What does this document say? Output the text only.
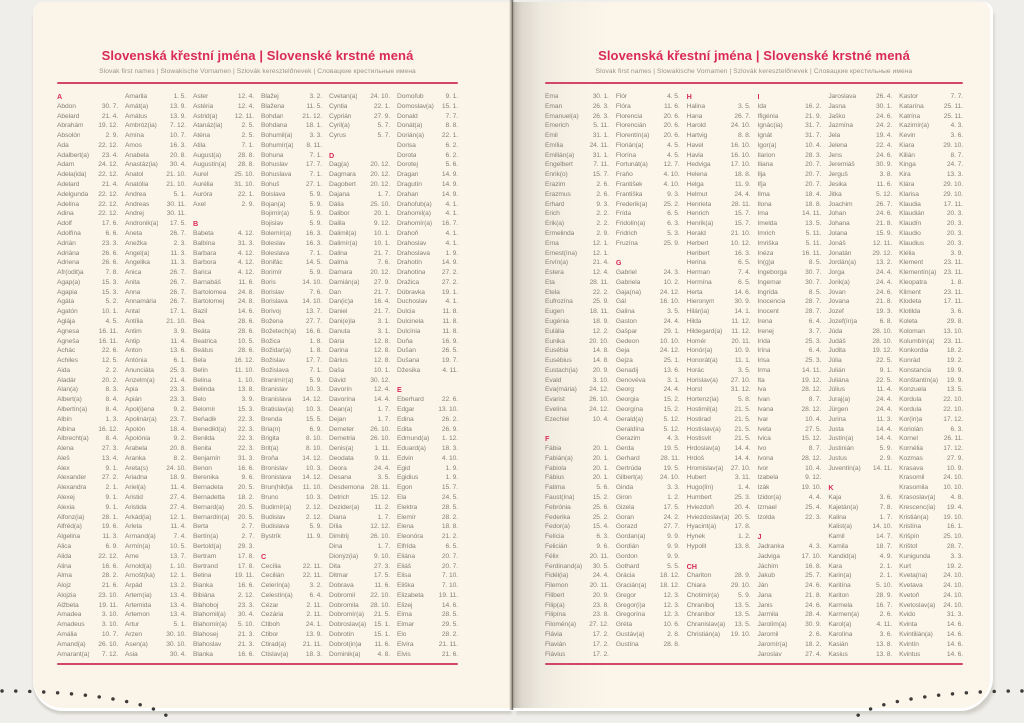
Slovenská křestní jména | Slovenské krstné mená
Slovak first names | Slowakische Vornamen | Szlovák keresztelőnevek | Словацкие крестильные имена
A
Abdon	30. 7.
Abelard	21. 4.
Abrahám 19. 12.
Absolón	2. 9.
Ada	22. 12.
Adalbert(a) 23. 4.
Adam	24. 12.
Adela(ida) 22. 12.
Adelard	21. 4.
Adelgunda 22. 12.
Adelína	22. 12.
Adina	22. 12.
Adolf	17. 6.
Adolfína	6. 6.
Adrián	23. 3.
Adriána	26. 6.
Adriena	26. 6.
Afr(odit)a	7. 8.
Agap(a)	15. 3.
Agapia	15. 3.
Agáta	5. 2.
Agatón	10. 1.
Aglája	4. 5.
Agnesa	16. 11.
Agneša	16. 11.
Achác	22. 6.
Achiles	12. 5.
Aida	2. 2.
Aladár	20. 2.
Alan(a)	8. 3.
Albert(a)	8. 4.
Albertín(a)	8. 4.
Albín	1. 3.
Albína	16. 12.
Albrecht(a)	8. 4.
Alena	27. 3.
Aleš	13. 4.
Alex	9. 1.
Alexander 27. 2.
Alexandra	2. 1.
Alexej	9. 1.
Alexia	9. 1.
Alfonz(ia)	28. 1.
Alfréd(a)	19. 6.
Algelina	11. 3.
Alica	6. 9.
Alida	22. 12.
Alina	16. 6.
Alma	28. 2.
Alojz	21. 6.
Alojzia	23. 10.
Alžbeta	19. 11.
Amadea	3. 10.
Amadeus	3. 10.
Amália	10. 7.
Amand(a) 26. 10.
Amarant(a) 7. 12.
Amarila	1. 5.
Amát(a)	13. 9.
Amátus	13. 9.
Ambróz(ia) 7. 12.
Amína	10. 7.
Amos	16. 3.
Anabela	20. 8.
Anastáz(ia) 30. 4.
Anatol	21. 10.
Anatólia	21. 10.
Andrea	5. 1.
Andreas	30. 11.
Andrej	30. 11.
Andronik(a) 17. 5.
Aneta	26. 7.
Anežka	2. 3.
Angel(a)	11. 3.
Angelika	11. 3.
Anica	26. 7.
Anita	26. 7.
Anna	26. 7.
Annamária 26. 7.
Antal	17. 1.
Antília	21. 10.
Antim	3. 9.
Antip	11. 4.
Anton	13. 6.
Antónia	6. 1.
Anunciáta 25. 3.
Anzelm(a) 21. 4.
Apia	23. 3.
Apián	23. 3.
Apol(i)ena	9. 2.
Apolinár(a) 23. 7.
Apolón	18. 4.
Apolónia	9. 2.
Arabela	20. 8.
Aranka	8. 2.
Areta(s)	24. 10.
Ariadna	18. 9.
Ariel(a)	11. 4.
Aristid	27. 4.
Aristida	27. 4.
Arkád(ia)	12. 1.
Arleta	11. 4.
Armand(a)	7. 4.
Armín(a)	10. 5.
Arne	13. 7.
Arnold(a)	1. 10.
Arnošt(ka) 12. 1.
Arpád	13. 2.
Artem(ia)	13. 4.
Artemida	13. 4.
Artemon	13. 4.
Artur	5. 1.
Arzen	30. 10.
Asen(a)	30. 10.
Asia	30. 4.
Aster	12. 4.
Astéria	12. 4.
Astrid(a)	12. 11.
Atanáz(ia)	2. 5.
Aténa	2. 5.
Atila	7. 1.
August(a)	28. 8.
Augustín(a) 28. 8.
Aurel	25. 10.
Aurélia	31. 10.
Auróra	22. 1.
Axel	2. 9.
B
Babeta	4. 12.
Balbína	31. 3.
Barbara	4. 12.
Barbora	4. 12.
Barica	4. 12.
Barnabáš	11. 6.
Bartolomea 24. 8.
Bartolomej 24. 8.
Bazil	14. 6.
Bea	28. 6.
Beáta	28. 6.
Beatrica	10. 5.
Beátus	28. 6.
Bela	16. 12.
Belín	11. 10.
Belina	1. 10.
Belinda	13. 8.
Belo	3. 9.
Belomír	15. 3.
Beňadik	22. 3.
Benedikt(a) 22. 3.
Benilda	22. 3.
Benita	22. 3.
Benjamín	31. 3.
Benon	16. 6.
Berenika	9. 6.
Bernadeta 20. 5.
Bernadetta 18. 2.
Bernard(a) 20. 5.
Bernardín(a) 20. 5.
Berta	2. 7.
Bertín(a)	2. 7.
Bertold(a) 29. 3.
Bertram	17. 8.
Bertrand	17. 8.
Betina	19. 11.
Bianka	16. 6.
Bibiána	2. 12.
Blahoboj	23. 3.
Blahomil(a) 30. 4.
Blahomír(a) 5. 10.
Blahosej	21. 3.
Blahoslav	21. 3.
Blanka	16. 6.
Blažej	3. 2.
Blažena	11. 5.
Bohdan	21. 12.
Bohdana	18. 1.
Bohumil(a)	3. 3.
Bohumír(a) 8. 11.
Bohuna	7. 1.
Bohuslav	17. 7.
Bohuslava	7. 1.
Bohuš	27. 1.
Boislava	5. 9.
Bojan(a)	5. 9.
Bojimír(a)	5. 9.
Bojislav	5. 9.
Bolemír(a) 16. 3.
Boleslav	16. 3.
Boleslava	7. 1.
Bonifác	14. 5.
Borimír	5. 9.
Boris	14. 10.
Borislav	7. 6.
Borislava 14. 10.
Borivoj	13. 7.
Božena	27. 7.
Božetech(a) 16. 6.
Božica	1. 8.
Božidar(a)	1. 8.
Božislav	17. 7.
Božislava	7. 1.
Branimír(a) 5. 9.
Branislav	10. 3.
Branislava 14. 12.
Bratislav(a) 10. 3.
Brenda	15. 5.
Bria(n)	6. 9.
Brigita	8. 10.
Brit(a)	8. 10.
Broňa	14. 12.
Bronislav	10. 3.
Bronislava 14. 12.
Brun(hild)a 11. 10.
Bruno	10. 3.
Budimír(a) 2. 12.
Budislav	2. 12.
Budislava	5. 9.
Bystrík	11. 9.
C
Cecília	22. 11.
Cecilián	22. 11.
Celerín(a)	3. 2.
Celestín(a)	6. 4.
Cézar	2. 11.
Cezária	2. 11.
Ctiboh	24. 1.
Ctibor	13. 9.
Ctirad(a) 21. 11.
Ctislav(a)	18. 3.
Cvetan(a) 24. 10.
Cyntia	22. 1.
Cyprián	27. 9.
Cyril(a)	5. 7.
Cyrus	5. 7.
D
Dag(a)	20. 12.
Dagmara 20. 12.
Dagobert 20. 12.
Dajana	1. 7.
Dália	25. 10.
Dalibor	20. 1.
Dalila	9. 12.
Dalimil(a)	10. 1.
Dalimír(a) 10. 1.
Dalina	21. 7.
Dalma	7. 6.
Damara	20. 12.
Damián(a) 27. 9.
Dan	21. 7.
Dan(ic)a	16. 4.
Daniel	21. 7.
Dani(e)la	3. 1.
Danuta	3. 1.
Dária	12. 8.
Darina	12. 8.
Dárius	12. 8.
Daša	10. 1.
Dávid	30. 12.
Davorín	12. 4.
Davorína	14. 4.
Dean(a)	1. 7.
Dejan	1. 7.
Demeter 26. 10.
Demetria 26. 10.
Denis(a)	1. 11.
Deodata	9. 11.
Deora	24. 4.
Desana	3. 5.
Desdemona 28. 11.
Detrich	15. 12.
Dezider(a) 11. 2.
Diana	1. 7.
Dília	12. 12.
Dimitrij	26. 10.
Dina	1. 7.
Dionýz(ia) 9. 10.
Dita	27. 3.
Ditmar	17. 5.
Dobrava	11. 6.
Dobromil 22. 10.
Dobromila 28. 10.
Dobromír(a) 21. 5.
Dobroslav(a) 15. 1.
Dobrotín	15. 1.
Dobrot(in)a 11. 6.
Dominik(a)	4. 8.
Domoľub	9. 1.
Domoslav(a) 15. 1.
Donald	7. 7.
Donát(a)	8. 8.
Dorián(a)	22. 1.
Dorisa	6. 2.
Dorota	6. 2.
Dorotej	5. 6.
Dragan	14. 9.
Dragutín	14. 9.
Drahan	14. 9.
Drahoľub(a) 4. 1.
Drahomil(a) 4. 1.
Drahomír(a) 16. 7.
Drahoň	4. 1.
Drahoslav	4. 1.
Drahoslava 1. 9.
Drahotín	14. 9.
Drahotína 27. 2.
Dražica	27. 2.
Dúbravka	19. 1.
Duchoslav	4. 1.
Dulcia	11. 8.
Dulcinela	11. 8.
Dulcínia	11. 8.
Duňa	16. 9.
Dušan	26. 5.
Dušana	19. 7.
Džesika	4. 11.
E
Eberhard	22. 6.
Edgar	13. 10.
Edina	26. 2.
Edita	26. 9.
Edmund(a) 1. 12.
Eduard(a) 18. 3.
Edvin	4. 10.
Egid	1. 9.
Egidius	1. 9.
Egon	15. 7.
Ela	24. 5.
Elektra	28. 5.
Elemír	28. 2.
Elena	18. 8.
Eleonóra	21. 2.
Elfrída	6. 5.
Eliána	20. 7.
Eliáš	20. 7.
Elisa	7. 10.
Eliška	7. 10.
Elizabeta 19. 11.
Elizej	14. 6.
Elma	28. 5.
Elmar	29. 5.
Elo	28. 2.
Elvíra	21. 11.
Elvis	21. 6.
Slovenská křestní jména | Slovenské krstné mená
Slovak first names | Slowakische Vornamen | Szlovák keresztelőnevek | Словацкие крестильные имена
Ema	30. 1.
Eman	26. 3.
Emanuel(a) 26. 3.
Emerich	5. 11.
Emil	31. 1.
Emília	24. 11.
Emilián(a)	31. 1.
Engelbert	7. 11.
Enrik(o)	15. 7.
Erazim	2. 6.
Erazmus	2. 6.
Erhard	9. 3.
Erich	2. 2.
Erik(a)	2. 2.
Ermelinda	2. 9.
Erna	12. 1.
Ernest(ína) 12. 1.
Ervín(a)	21. 4.
Estera	12. 4.
Eta	28. 11.
Etela	22. 2.
Eufrozína	25. 9.
Eugen	18. 11.
Eugénia	18. 9.
Eulália	12. 2.
Eunika	20. 10.
Eusébia	14. 8.
Eusébius	14. 8.
Eustach(ia) 20. 9.
Evald	3. 10.
Eva(mária) 24. 12.
Evarist	26. 10.
Evelína	24. 12.
Ezechiel	10. 4.
F
Fábia	20. 1.
Fabián(a)	20. 1.
Fabiola	20. 1.
Fábius	20. 1.
Fatima	5. 6.
Faust(ína)	15. 2.
Febrónia	25. 6.
Federika	25. 2.
Fedor(a)	15. 4.
Felícia	6. 3.
Felicián	9. 6.
Félix	20. 11.
Ferdinand(a) 30. 5.
Fidél(ia)	24. 4.
Filemon	20. 11.
Filibert	20. 9.
Filip(a)	23. 8.
Filipína	23. 8.
Filomén(a) 27. 12.
Flávia	17. 2.
Flavián	17. 2.
Flávius	17. 2.
Flór	4. 5.
Flóra	11. 6.
Florencia	20. 6.
Florencián	20. 6.
Florentín(a) 20. 6.
Florián(a)	4. 5.
Florína	4. 5.
Fortunát(a) 12. 7.
Fraňo	4. 10.
František	4. 10.
Františka	9. 3.
Frederik(a) 25. 2.
Frída	6. 5.
Fridolín(a)	6. 3.
Fridrich	5. 3.
Fruzína	25. 9.
G
Gabriel	24. 3.
Gabriela	10. 2.
Gaja(na)	24. 12.
Gál	16. 10.
Galina	3. 5.
Gaston	24. 4.
Gašpar	29. 1.
Gedeon	10. 10.
Geja	24. 12.
Gejza	25. 1.
Genadij	13. 6.
Genovéva	3. 1.
Georg	24. 4.
Georgia	15. 2.
Georgína	15. 2.
Gerald(a)	5. 12.
Geraldína	5. 12.
Gerazim	4. 3.
Gerda	19. 5.
Gerhard	28. 11.
Gertrúda	19. 5.
Gilbert(a)	24. 10.
Ginda	3. 3.
Giron	1. 2.
Gizela	17. 5.
Goran	24. 2.
Gorazd	27. 7.
Gordan(a)	9. 9.
Gordián	9. 9.
Gordon	9. 9.
Gothard	5. 5.
Grácia	18. 12.
Gracián(a) 18. 12.
Gregor	12. 3.
Gregor(i)a	12. 3.
Gregorína	12. 3.
Gréta	10. 6.
Gustáv(a)	2. 8.
Gustína	28. 8.
H
Halina	3. 5.
Hana	26. 7.
Harold	24. 10.
Hartvig	8. 8.
Havel	16. 10.
Havla	16. 10.
Hedviga	17. 10.
Helena	18. 8.
Helga	11. 9.
Helmut	24. 4.
Henrieta	28. 11.
Henrich	15. 7.
Henrik(a)	15. 7.
Herald	21. 10.
Herbert	10. 12.
Heribert	16. 3.
Herina	6. 5.
Herman	7. 4.
Hermína	6. 5.
Herta	14. 6.
Hieronym	30. 9.
Hilár(ia)	14. 1.
Hilda	11. 12.
Hildegard(a) 11. 12.
Homér	20. 11.
Honór(a)	10. 9.
Honorát(a)	11. 1.
Horác	3. 5.
Horislav(a) 27. 10.
Horst	31. 12.
Hortenz(ia)	5. 8.
Hostimil(a)	21. 5.
Hostirad	21. 5.
Hostislav(a) 21. 5.
Hostisvit	21. 5.
Hrdoslav(a) 14. 4.
Hrdoš	14. 4.
Hromislav(a) 27. 10.
Hubert	3. 11.
Hugo(lín)	1. 4.
Humbert	25. 3.
Hviezdoň	20. 4.
Hviezdoslav(a) 20. 5.
Hyacint(a)	17. 8.
Hynek	1. 2.
Hypolit	13. 8.
CH
Chariton	28. 9.
Chiara	29. 10.
Chotimír(a)	5. 9.
Chraniboj	13. 5.
Chranibor	13. 5.
Chranislav(a) 13. 5.
Christián(a) 19. 10.
I
Ida	16. 2.
Ifigénia	21. 9.
Ignác(ia)	31. 7.
Ignát	31. 7.
Igor(a)	10. 4.
Ilarion	28. 3.
Iliana	20. 7.
Ilja	20. 7.
Iľja	20. 7.
Ilma	18. 4.
Ilona	18. 8.
Ima	14. 11.
Imelda	13. 5.
Imrich	5. 11.
Imriška	5. 11.
Inéza	16. 11.
In(g)a	8. 5.
Ingeborga	30. 7.
Ingemar	30. 7.
Ingrída	8. 5.
Inocencia	28. 7.
Inocent	28. 7.
Irena	6. 4.
Irenej	3. 7.
Irída	25. 3.
Irína	6. 4.
Irisa	25. 3.
Irma	14. 11.
Ita	19. 12.
Iva	28. 12.
Ivan	8. 7.
Ivana	28. 12.
Ivar	10. 4.
Iveta	27. 5.
Ivica	15. 12.
Ivo	8. 7.
Ivona	28. 12.
Ivor	10. 4.
Izabela	9. 12.
Izák	19. 10.
Izidor(a)	4. 4.
Izmael	25. 4.
Izolda	22. 3.
J
Jadranka	4. 3.
Jadviga	17. 10.
Jáchim	16. 8.
Jakub	25. 7.
Ján	24. 6.
Jana	21. 8.
Janis	24. 6.
Jarmila	28. 4.
Jarolím(a)	30. 9.
Jaromil	2. 6.
Jaromír(a)	18. 2.
Jaroslav	27. 4.
Jaroslava	26. 4.
Jasna	30. 1.
Jaško	24. 6.
Jazmína	24. 2.
Jela	19. 4.
Jelena	22. 4.
Jens	24. 6.
Jeremiáš	30. 9.
Jerguš	3. 8.
Jesika	11. 6.
Jitka	5. 12.
Joachim	26. 7.
Johan	24. 6.
Johana	21. 8.
Jolana	15. 9.
Jonáš	12. 11.
Jonatán	29. 12.
Jordán(a)	13. 2.
Jorga	24. 4.
Jorik(a)	24. 4.
Jovan	24. 6.
Jovana	21. 8.
Jozef	19. 3.
Jozef(ín)a	6. 8.
Júda	28. 10.
Judáš	28. 10.
Judita	19. 12.
Júlia	22. 5.
Julián	9. 1.
Juliána	22. 5.
Július	11. 4.
Juraj(a)	24. 4.
Jürgen	24. 4.
Jurina	11. 3.
Justa	14. 4.
Justín(a)	14. 4.
Justinián	5. 9.
Justus	2. 9.
Juventín(a) 14. 11.
K
Kaja	3. 6.
Kajetán(a)	7. 8.
Kalina	1. 7.
Kalist(a)	14. 10.
Kamil	14. 7.
Kamila	18. 7.
Kandid(a)	4. 9.
Kara	2. 1.
Karin(a)	2. 1.
Karitína	5. 10.
Kariton	28. 9.
Karmela	16. 7.
Karmen(a)	2. 6.
Karol(a)	4. 11.
Karolína	3. 6.
Kasián	13. 8.
Kasius	13. 8.
Kastor	7. 7.
Katarína	25. 11.
Katrína	25. 11.
Kazimír(a)	4. 3.
Kevin	3. 6.
Kiara	29. 10.
Kilián	8. 7.
Kinga	24. 7.
Kira	13. 3.
Klára	29. 10.
Klarisa	29. 10.
Klaudia	17. 11.
Klaudián	20. 3.
Klaudín	20. 3.
Klaudio	20. 3.
Klaudius	20. 3.
Klélia	3. 9.
Klement	23. 11.
Klementín(a) 23. 11.
Kleopatra	1. 8.
Kliment	23. 11.
Klodeta	17. 11.
Klotilda	3. 6.
Koleta	29. 8.
Koloman	13. 10.
Kolumbín(a) 23. 11.
Konkordia	18. 2.
Konrád	19. 2.
Konstancia 19. 9.
Konštantín(a) 19. 9.
Konzuela	13. 5.
Kordula	22. 10.
Kordula	22. 10.
Kor(in)a	17. 12.
Koriolán	6. 3.
Kornel	26. 11.
Kornélia	17. 12.
Kozmas	27. 9.
Krasava	10. 9.
Krasomil	24. 10.
Krasomila 10. 10.
Krasoslav(a) 4. 8.
Krescenc(ia) 19. 4.
Kristián(a) 19. 10.
Kristína	16. 1.
Krišpín	25. 10.
Krištof	28. 7.
Kunigunda	3. 3.
Kurt	19. 2.
Kveta(na) 24. 10.
Kvetava	24. 10.
Kvetoň	24. 10.
Kvetoslav(a) 24. 10.
Kvido	31. 3.
Kvinta	14. 6.
Kvintilián(a) 14. 6.
Kvintín	14. 6.
Kvintus	14. 6.
